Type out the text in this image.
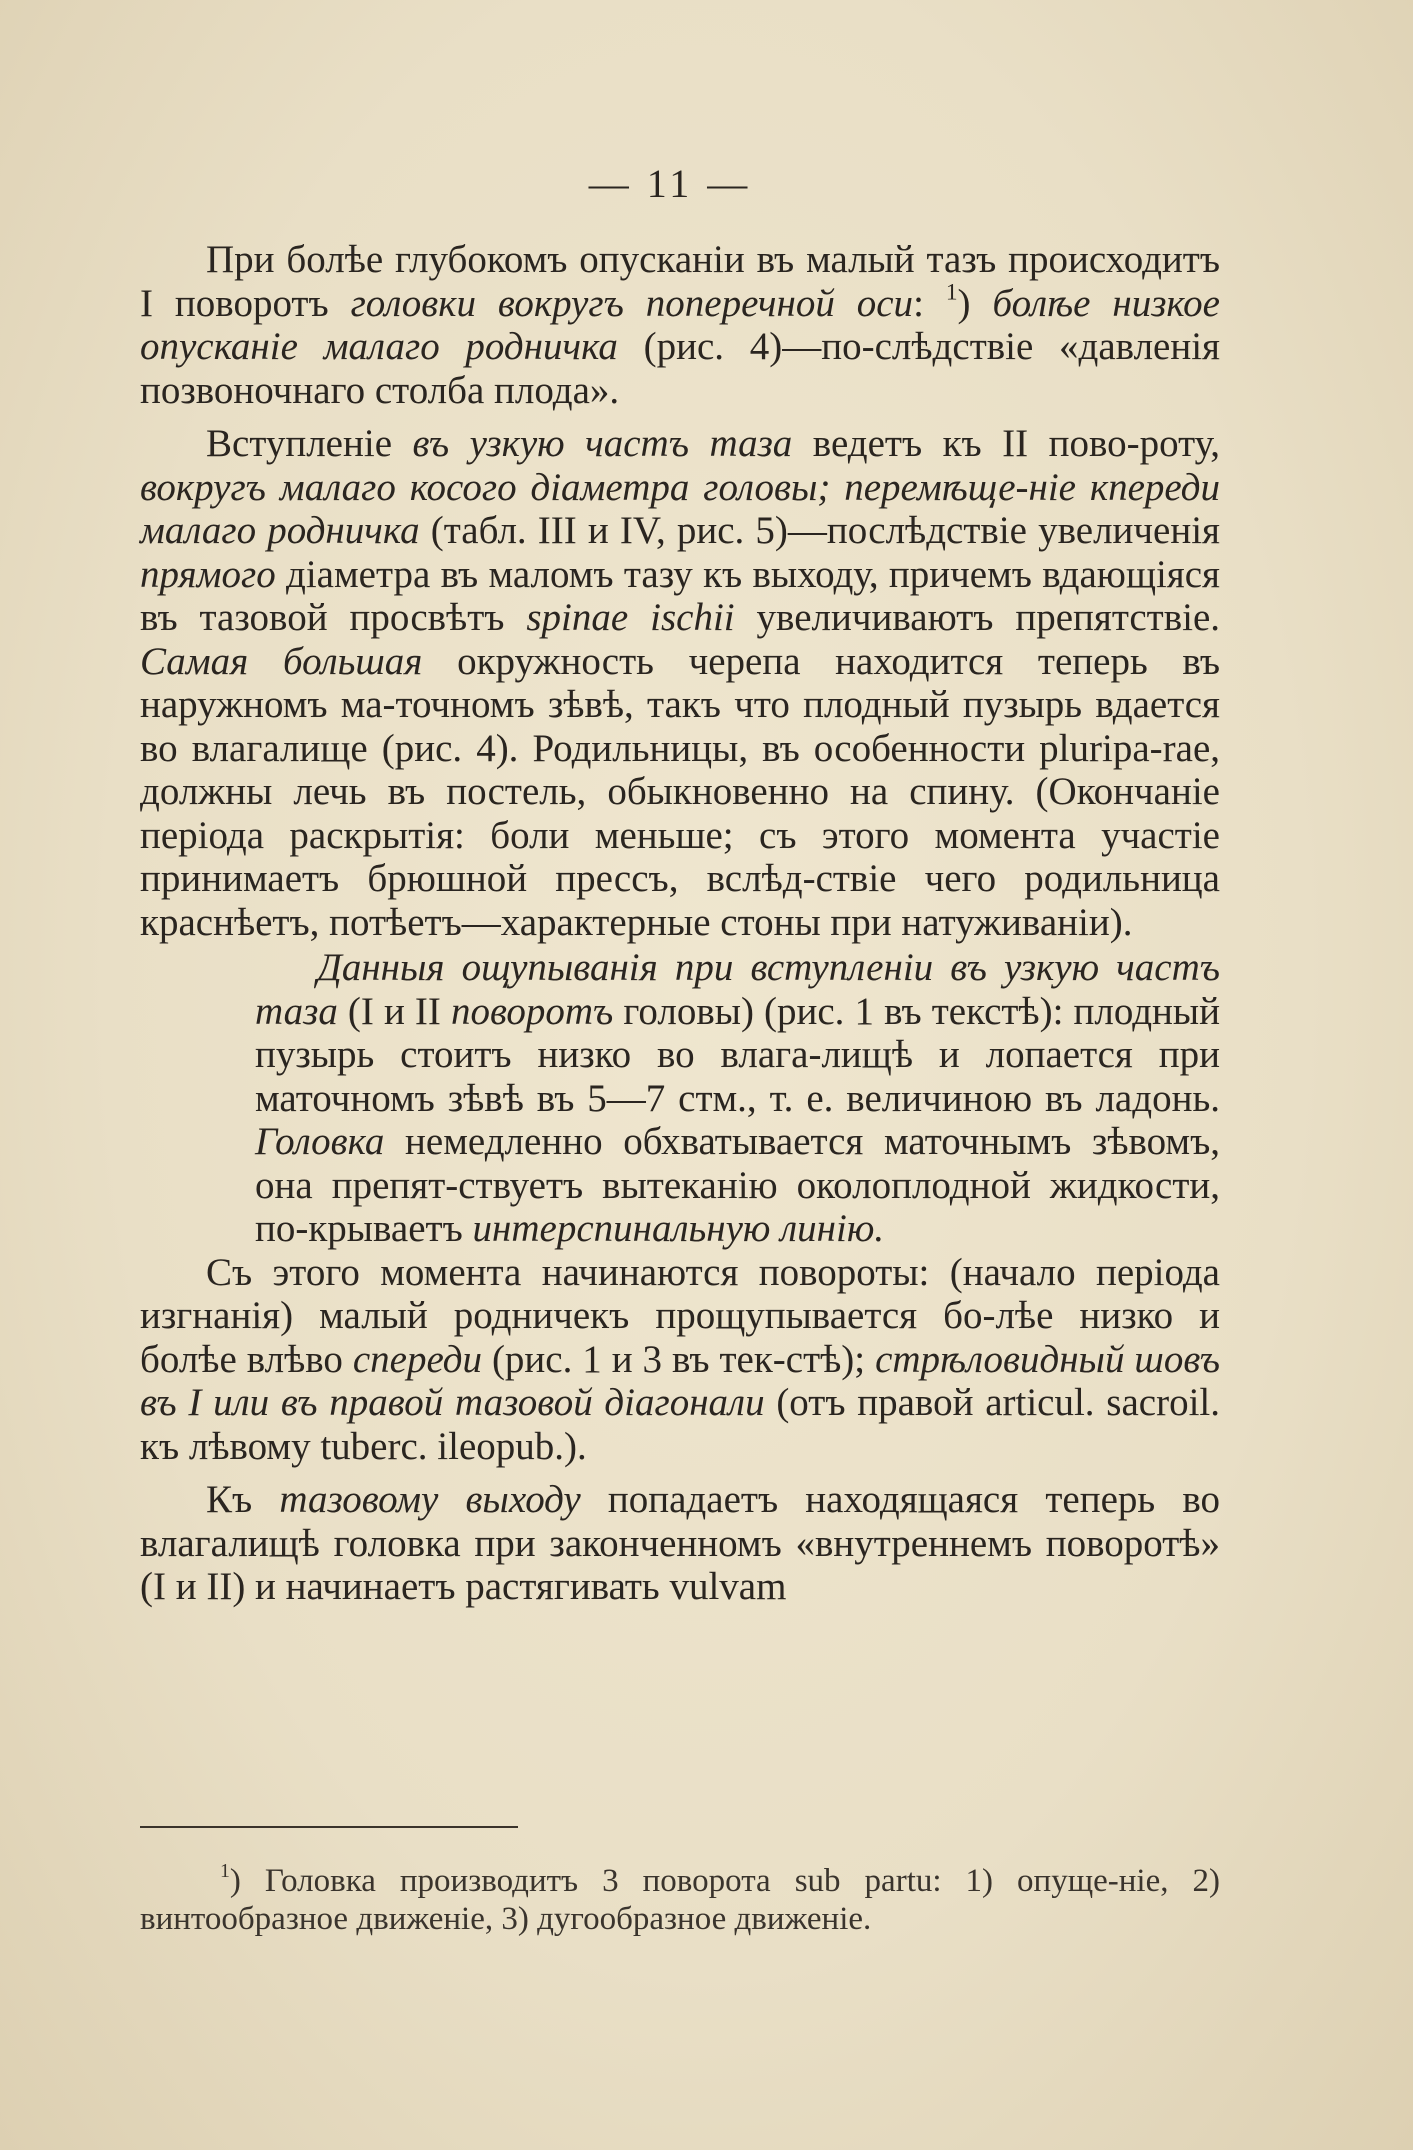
— 11 —

При болѣе глубокомъ опусканіи въ малый тазъ происходитъ I поворотъ головки вокругъ поперечной оси: $^1$) болѣе низкое опусканіе малаго родничка (рис. 4)—по-слѣдствіе «давленія позвоночнаго столба плода».

Вступленіе въ узкую частъ таза ведетъ къ II пово-роту, вокругъ малаго косого діаметра головы; перемѣще-ніе кпереди малаго родничка (табл. III и IV, рис. 5)—послѣдствіе увеличенія прямого діаметра въ маломъ тазу къ выходу, причемъ вдающіяся въ тазовой просвѣтъ spinae ischii увеличиваютъ препятствіе. Самая большая окружность черепа находится теперь въ наружномъ ма-точномъ зѣвѣ, такъ что плодный пузырь вдается во влагалище (рис. 4). Родильницы, въ особенности pluripa-rae, должны лечь въ постель, обыкновенно на спину. (Окончаніе періода раскрытія: боли меньше; съ этого момента участіе принимаетъ брюшной прессъ, вслѣд-ствіе чего родильница краснѣетъ, потѣетъ—характерные стоны при натуживаніи).

Данныя ощупыванія при вступленіи въ узкую частъ таза (I и II поворотъ головы) (рис. 1 въ текстѣ): плодный пузырь стоитъ низко во влага-лищѣ и лопается при маточномъ зѣвѣ въ 5—7 стм., т. е. величиною въ ладонь. Головка немедленно обхватывается маточнымъ зѣвомъ, она препят-ствуетъ вытеканію околоплодной жидкости, по-крываетъ интерспинальную линію.

Съ этого момента начинаются повороты: (начало періода изгнанія) малый родничекъ прощупывается бо-лѣе низко и болѣе влѣво спереди (рис. 1 и 3 въ тек-стѣ); стрѣловидный шовъ въ I или въ правой тазовой діагонали (отъ правой articul. sacroil. къ лѣвому tuberc. ileopub.).

Къ тазовому выходу попадаетъ находящаяся теперь во влагалищѣ головка при законченномъ «внутреннемъ поворотѣ» (I и II) и начинаетъ растягивать vulvam

$^1$) Головка производитъ 3 поворота sub partu: 1) опуще-ніе, 2) винтообразное движеніе, 3) дугообразное движеніе.
